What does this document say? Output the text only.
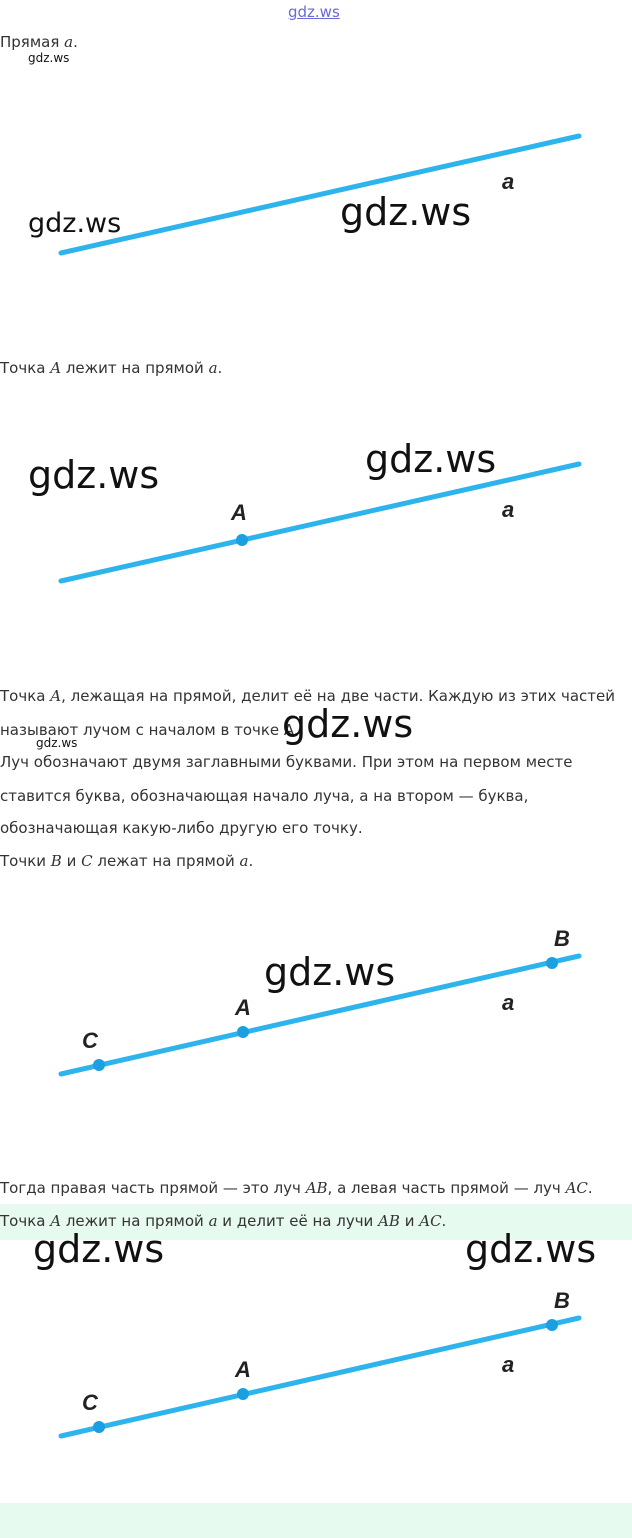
gdz.ws
Прямая a.
gdz.ws
a
gdz.ws	gdz.ws
Точка A лежит на прямой a.
A	a
gdz.ws	gdz.ws
Точка A, лежащая на прямой, делит её на две части. Каждую из этих частей
называют лучом с началом в точке A.
gdz.ws
gdz.ws
Луч обозначают двумя заглавными буквами. При этом на первом месте
ставится буква, обозначающая начало луча, а на втором — буква,
обозначающая какую-либо другую его точку.
Точки B и C лежат на прямой a.
B
A
C
a
gdz.ws
Тогда правая часть прямой — это луч AB, а левая часть прямой — луч AC.
Точка A лежит на прямой a и делит её на лучи AB и AC.
gdz.ws	gdz.ws
B
A
C
a
